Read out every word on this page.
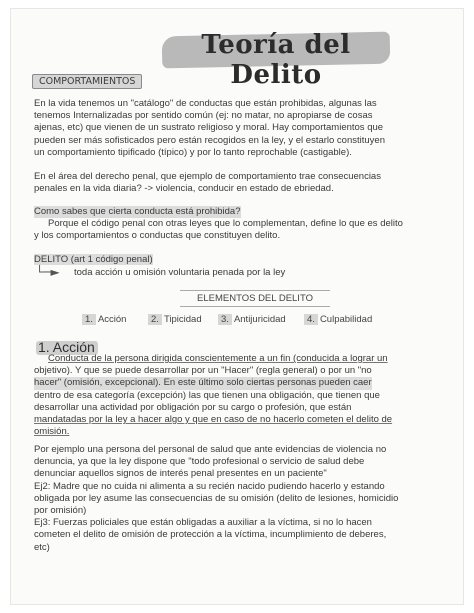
Teoría del Delito
COMPORTAMIENTOS
En la vida tenemos un "catálogo" de conductas que están prohibidas, algunas las
tenemos Internalizadas por sentido común (ej: no matar, no apropiarse de cosas
ajenas, etc) que vienen de un sustrato religioso y moral. Hay comportamientos que
pueden ser más sofisticados pero están recogidos en la ley, y el estarlo constituyen
un comportamiento tipificado (típico) y por lo tanto reprochable (castigable).
En el área del derecho penal, que ejemplo de comportamiento trae consecuencias
penales en la vida diaria? -> violencia, conducir en estado de ebriedad.
Como sabes que cierta conducta está prohibida?
Porque el código penal con otras leyes que lo complementan, define lo que es delito
y los comportamientos o conductas que constituyen delito.
DELITO (art 1 código penal)
└─► toda acción u omisión voluntaria penada por la ley
ELEMENTOS DEL DELITO
1. Acción	2. Tipicidad	3. Antijuricidad	4. Culpabilidad
1. Acción
Conducta de la persona dirigida conscientemente a un fin (conducida a lograr un
objetivo). Y que se puede desarrollar por un "Hacer" (regla general) o por un "no
hacer" (omisión, excepcional). En este último solo ciertas personas pueden caer
dentro de esa categoría (excepción) las que tienen una obligación, que tienen que
desarrollar una actividad por obligación por su cargo o profesión, que están
mandatadas por la ley a hacer algo y que en caso de no hacerlo cometen el delito de
omisión.
Por ejemplo una persona del personal de salud que ante evidencias de violencia no
denuncia, ya que la ley dispone que "todo profesional o servicio de salud debe
denunciar aquellos signos de interés penal presentes en un paciente"
Ej2: Madre que no cuida ni alimenta a su recién nacido pudiendo hacerlo y estando
obligada por ley asume las consecuencias de su omisión (delito de lesiones, homicidio
por omisión)
Ej3: Fuerzas policiales que están obligadas a auxiliar a la víctima, si no lo hacen
cometen el delito de omisión de protección a la víctima, incumplimiento de deberes,
etc)
